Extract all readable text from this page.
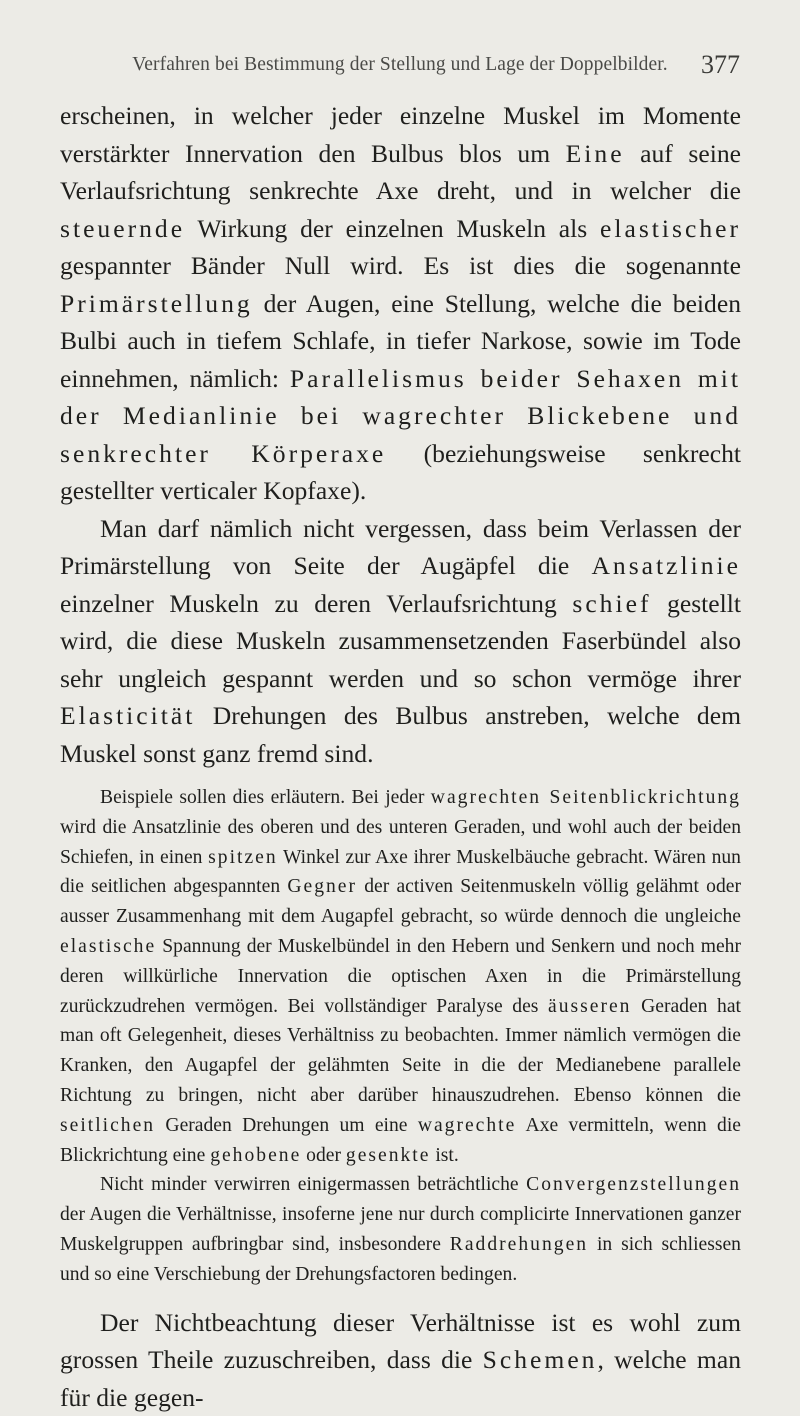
Verfahren bei Bestimmung der Stellung und Lage der Doppelbilder.	377

erscheinen, in welcher jeder einzelne Muskel im Momente verstärkter Innervation den Bulbus blos um Eine auf seine Verlaufsrichtung senkrechte Axe dreht, und in welcher die steuernde Wirkung der einzelnen Muskeln als elastischer gespannter Bänder Null wird. Es ist dies die sogenannte Primärstellung der Augen, eine Stellung, welche die beiden Bulbi auch in tiefem Schlafe, in tiefer Narkose, sowie im Tode einnehmen, nämlich: Parallelismus beider Sehaxen mit der Medianlinie bei wagrechter Blickebene und senkrechter Körperaxe (beziehungsweise senkrecht gestellter verticaler Kopfaxe).

Man darf nämlich nicht vergessen, dass beim Verlassen der Primärstellung von Seite der Augäpfel die Ansatzlinie einzelner Muskeln zu deren Verlaufsrichtung schief gestellt wird, die diese Muskeln zusammensetzenden Faserbündel also sehr ungleich gespannt werden und so schon vermöge ihrer Elasticität Drehungen des Bulbus anstreben, welche dem Muskel sonst ganz fremd sind.

Beispiele sollen dies erläutern. Bei jeder wagrechten Seitenblickrichtung wird die Ansatzlinie des oberen und des unteren Geraden, und wohl auch der beiden Schiefen, in einen spitzen Winkel zur Axe ihrer Muskelbäuche gebracht. Wären nun die seitlichen abgespannten Gegner der activen Seitenmuskeln völlig gelähmt oder ausser Zusammenhang mit dem Augapfel gebracht, so würde dennoch die ungleiche elastische Spannung der Muskelbündel in den Hebern und Senkern und noch mehr deren willkürliche Innervation die optischen Axen in die Primärstellung zurückzudrehen vermögen. Bei vollständiger Paralyse des äusseren Geraden hat man oft Gelegenheit, dieses Verhältniss zu beobachten. Immer nämlich vermögen die Kranken, den Augapfel der gelähmten Seite in die der Medianebene parallele Richtung zu bringen, nicht aber darüber hinauszudrehen. Ebenso können die seitlichen Geraden Drehungen um eine wagrechte Axe vermitteln, wenn die Blickrichtung eine gehobene oder gesenkte ist.

Nicht minder verwirren einigermassen beträchtliche Convergenzstellungen der Augen die Verhältnisse, insoferne jene nur durch complicirte Innervationen ganzer Muskelgruppen aufbringbar sind, insbesondere Raddrehungen in sich schliessen und so eine Verschiebung der Drehungsfactoren bedingen.

Der Nichtbeachtung dieser Verhältnisse ist es wohl zum grossen Theile zuzuschreiben, dass die Schemen, welche man für die gegen-
